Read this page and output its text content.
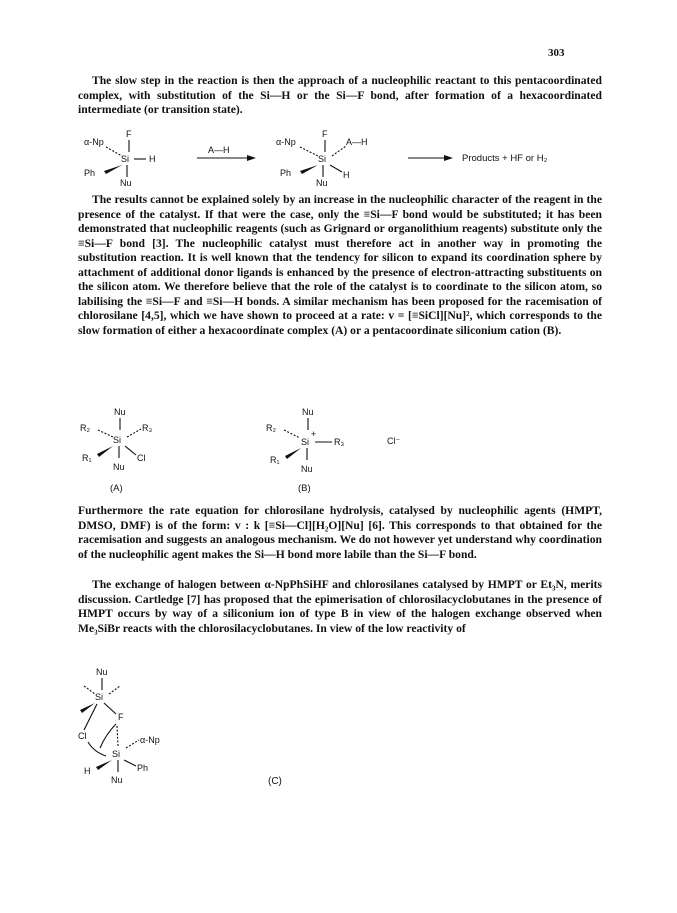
303

The slow step in the reaction is then the approach of a nucleophilic reactant to this pentacoordinated complex, with substitution of the Si—H or the Si—F bond, after formation of a hexacoordinated intermediate (or transition state).

α-Np
F
Si H
Ph
Nu
A—H
α-Np
F
A—H
Si
Ph	H
Nu
Products + HF or H₂

The results cannot be explained solely by an increase in the nucleophilic character of the reagent in the presence of the catalyst. If that were the case, only the ≡Si—F bond would be substituted; it has been demonstrated that nucleophilic reagents (such as Grignard or organolithium reagents) substitute only the ≡Si—F bond [3]. The nucleophilic catalyst must therefore act in another way in promoting the substitution reaction. It is well known that the tendency for silicon to expand its coordination sphere by attachment of additional donor ligands is enhanced by the presence of electron-attracting substituents on the silicon atom. We therefore believe that the role of the catalyst is to coordinate to the silicon atom, so labilising the ≡Si—F and ≡Si—H bonds. A similar mechanism has been proposed for the racemisation of chlorosilane [4,5], which we have shown to proceed at a rate: v = [≡SiCl][Nu]², which corresponds to the slow formation of either a hexacoordinate complex (A) or a pentacoordinate siliconium cation (B).

Nu
R₂	R₃
Si
R₁	Cl
Nu
(A)
Nu
R₂
Si
+
R₃
R₁
Nu
Cl⁻
(B)

Furthermore the rate equation for chlorosilane hydrolysis, catalysed by nucleophilic agents (HMPT, DMSO, DMF) is of the form: v : k [≡Si—Cl][H₂O][Nu] [6]. This corresponds to that obtained for the racemisation and suggests an analogous mechanism. We do not however yet understand why coordination of the nucleophilic agent makes the Si—H bond more labile than the Si—F bond.

The exchange of halogen between α-NpPhSiHF and chlorosilanes catalysed by HMPT or Et₃N, merits discussion. Cartledge [7] has proposed that the epimerisation of chlorosilacyclobutanes in the presence of HMPT occurs by way of a siliconium ion of type B in view of the halogen exchange observed when Me₃SiBr reacts with the chlorosilacyclobutanes. In view of the low reactivity of

Nu
Si
F
Cl	α-Np
Si
H	Ph
Nu	(C)
